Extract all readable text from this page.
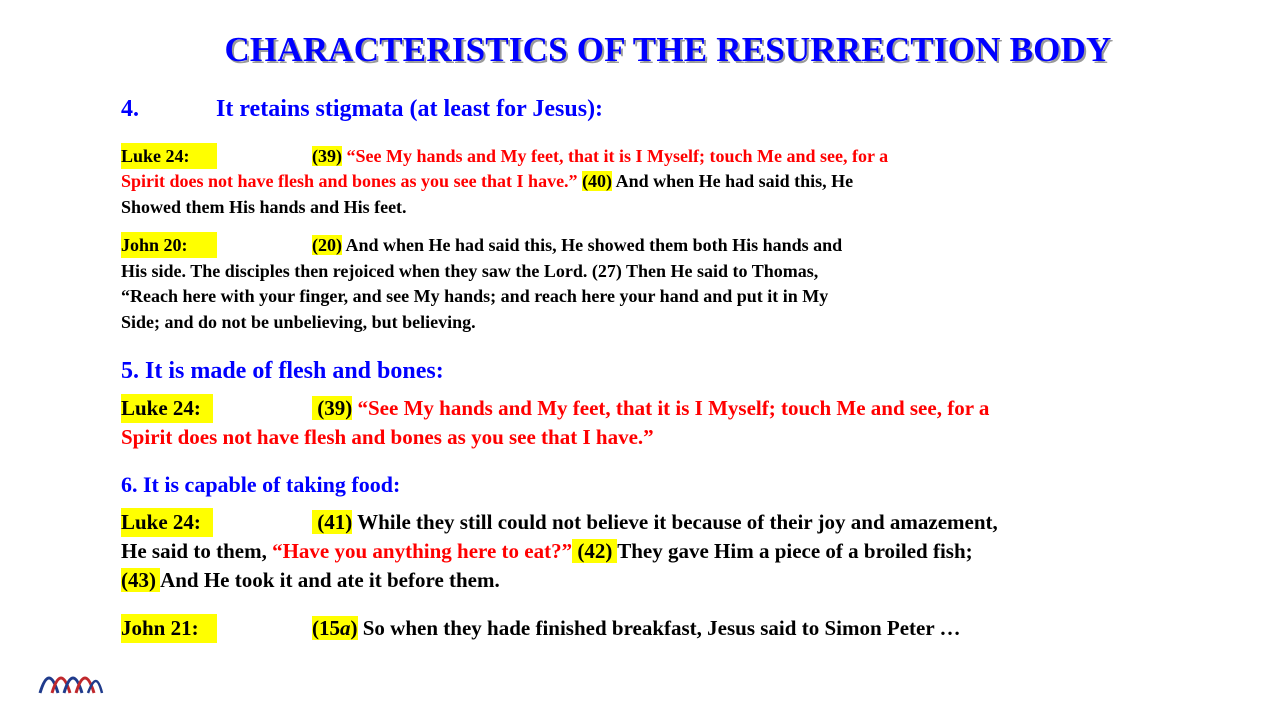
CHARACTERISTICS OF THE RESURRECTION BODY
4.	It retains stigmata (at least for Jesus):
Luke 24:	(39) “See My hands and My feet, that it is I Myself; touch Me and see, for a
Spirit does not have flesh and bones as you see that I have.” (40) And when He had said this, He
Showed them His hands and His feet.
John 20:	(20) And when He had said this, He showed them both His hands and
His side. The disciples then rejoiced when they saw the Lord. (27) Then He said to Thomas,
“Reach here with your finger, and see My hands; and reach here your hand and put it in My
Side; and do not be unbelieving, but believing.
5. It is made of flesh and bones:
Luke 24:	(39) “See My hands and My feet, that it is I Myself; touch Me and see, for a
Spirit does not have flesh and bones as you see that I have.”
6. It is capable of taking food:
Luke 24:	(41) While they still could not believe it because of their joy and amazement,
He said to them, “Have you anything here to eat?” (42) They gave Him a piece of a broiled fish;
(43) And He took it and ate it before them.
John 21:	(15a) So when they hade finished breakfast, Jesus said to Simon Peter …
